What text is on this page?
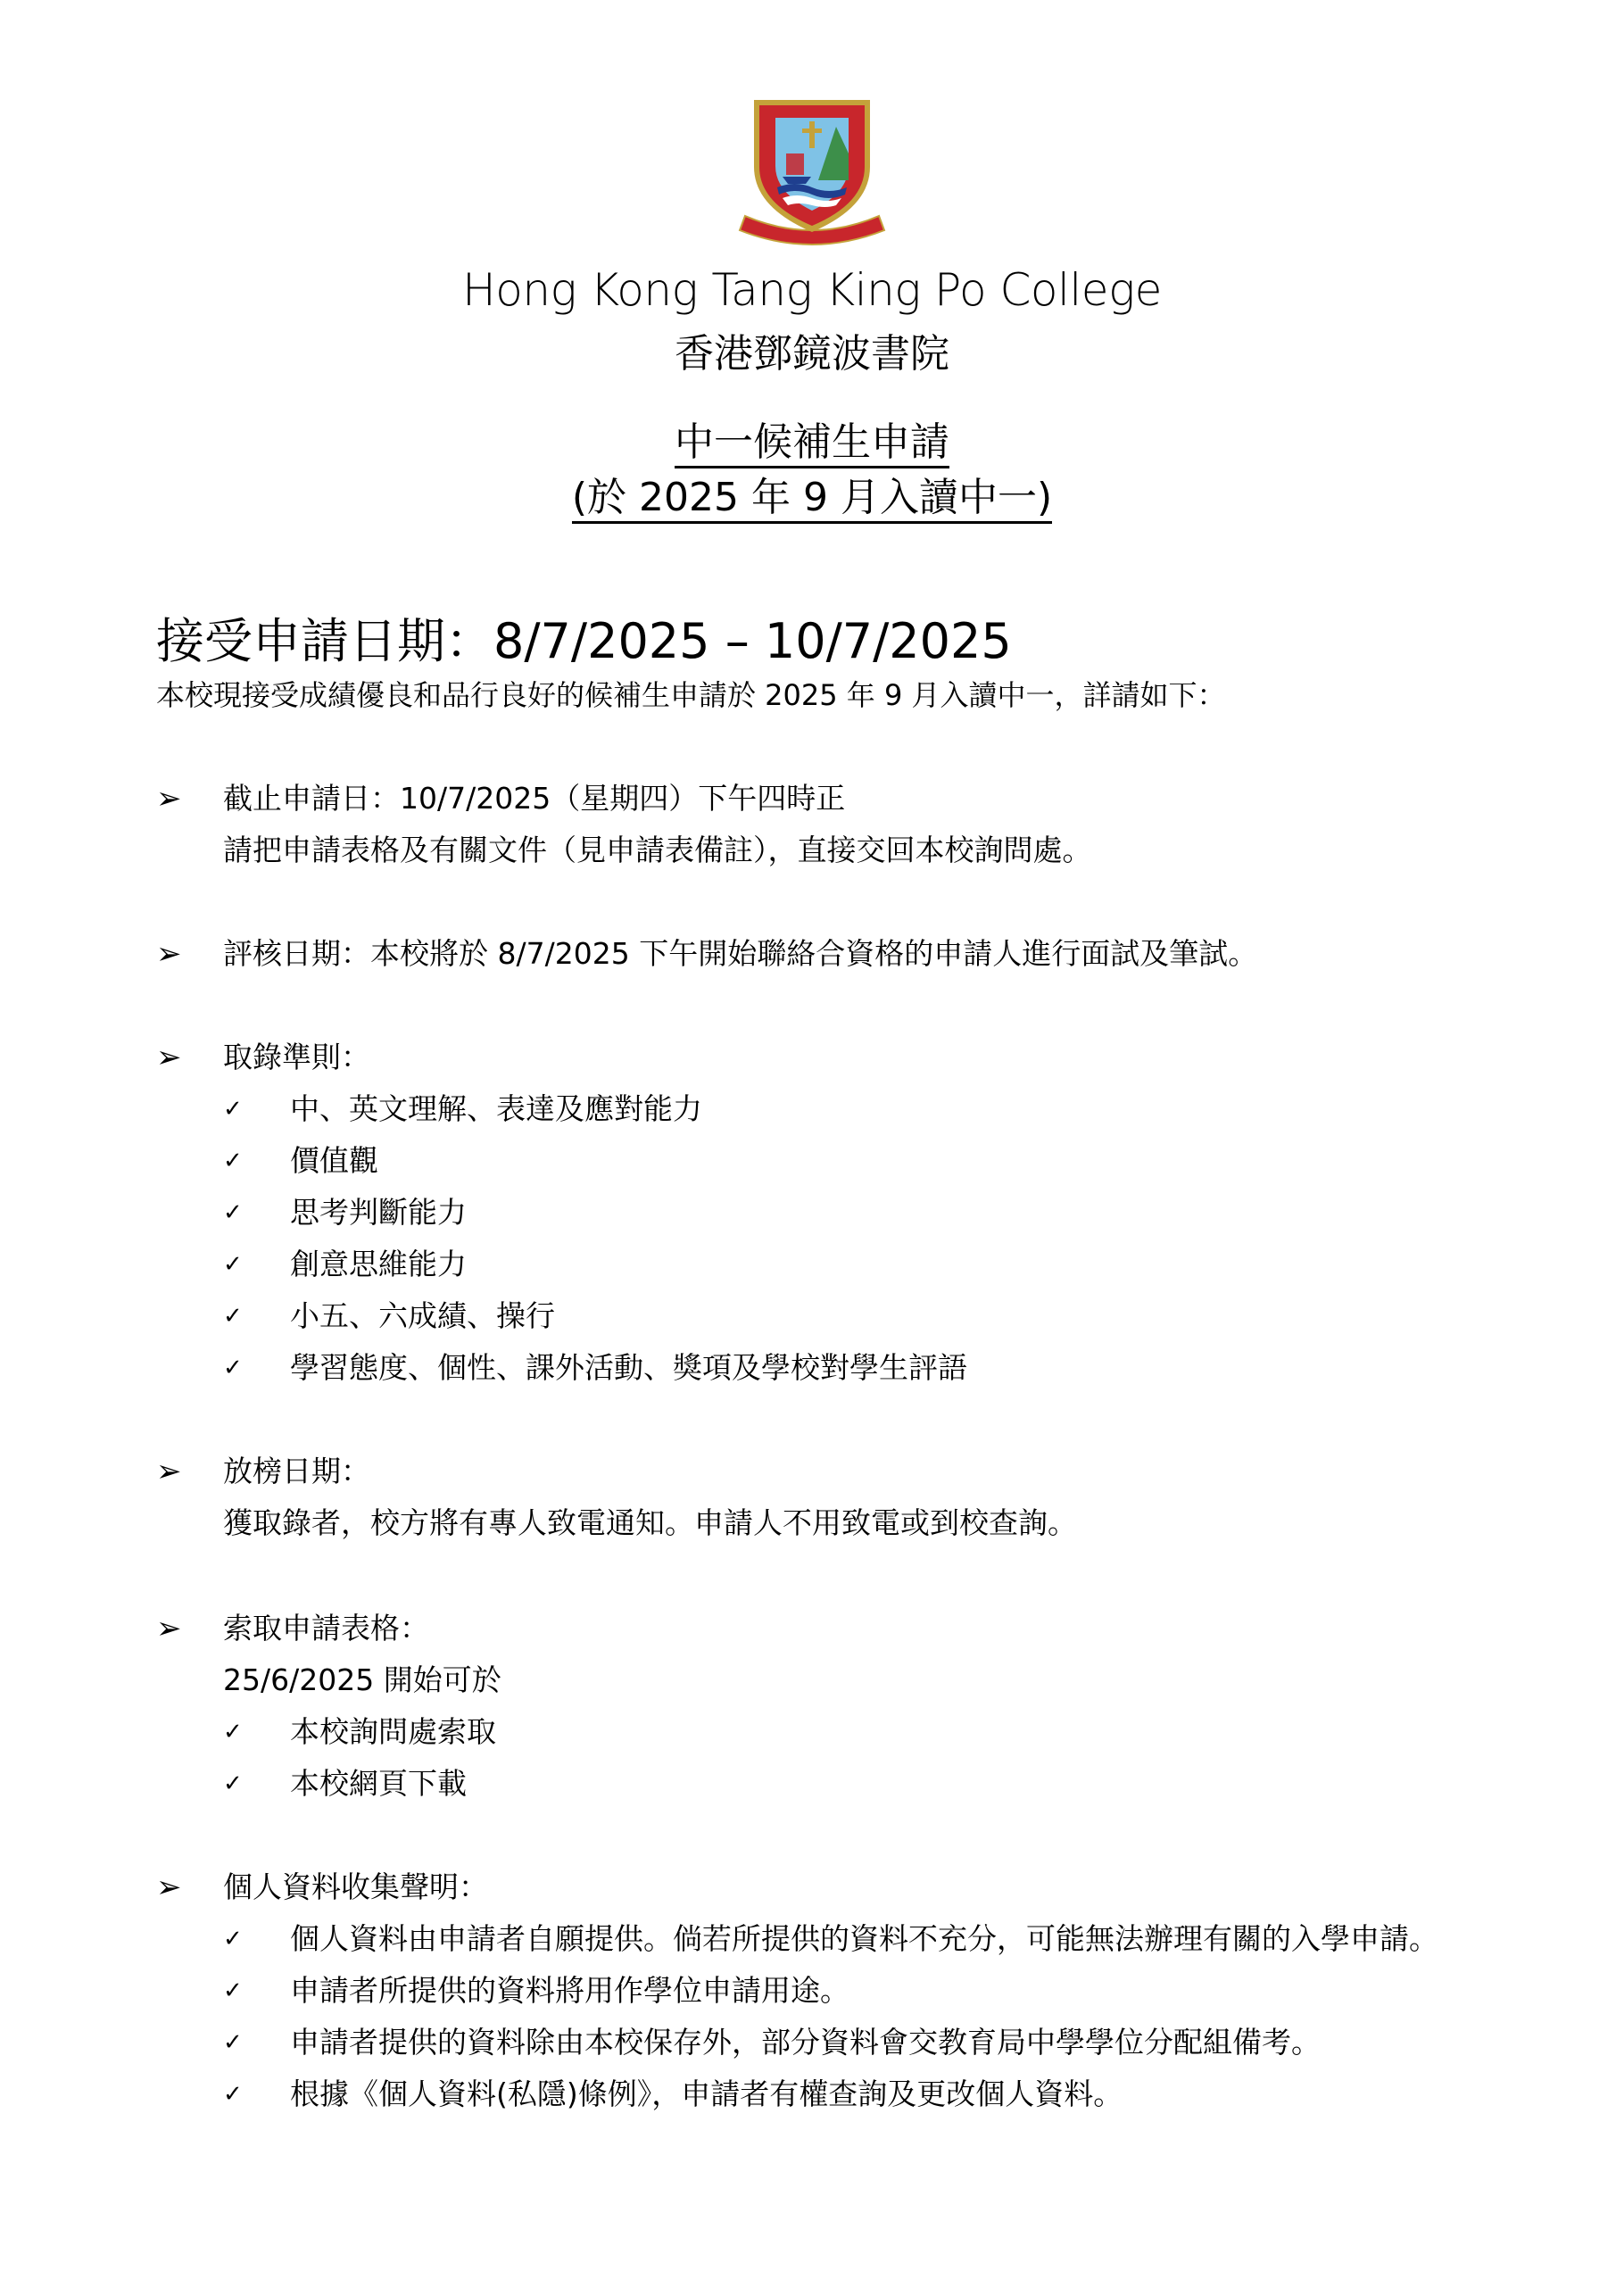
Hong Kong Tang King Po College
香港鄧鏡波書院
中一候補生申請
(於 2025 年 9 月入讀中一)
接受申請日期：8/7/2025 – 10/7/2025
本校現接受成績優良和品行良好的候補生申請於 2025 年 9 月入讀中一，詳請如下：
➢	截止申請日：10/7/2025（星期四）下午四時正
請把申請表格及有關文件（見申請表備註），直接交回本校詢問處。
➢	評核日期：本校將於 8/7/2025 下午開始聯絡合資格的申請人進行面試及筆試。
➢	取錄準則：
✓ 中、英文理解、表達及應對能力
✓ 價值觀
✓ 思考判斷能力
✓ 創意思維能力
✓ 小五、六成績、操行
✓ 學習態度、個性、課外活動、獎項及學校對學生評語
➢	放榜日期：
獲取錄者，校方將有專人致電通知。申請人不用致電或到校查詢。
➢	索取申請表格：
25/6/2025 開始可於
✓ 本校詢問處索取
✓ 本校網頁下載
➢	個人資料收集聲明：
✓ 個人資料由申請者自願提供。倘若所提供的資料不充分，可能無法辦理有關的入學申請。
✓ 申請者所提供的資料將用作學位申請用途。
✓ 申請者提供的資料除由本校保存外，部分資料會交教育局中學學位分配組備考。
✓ 根據《個人資料(私隱)條例》，申請者有權查詢及更改個人資料。
